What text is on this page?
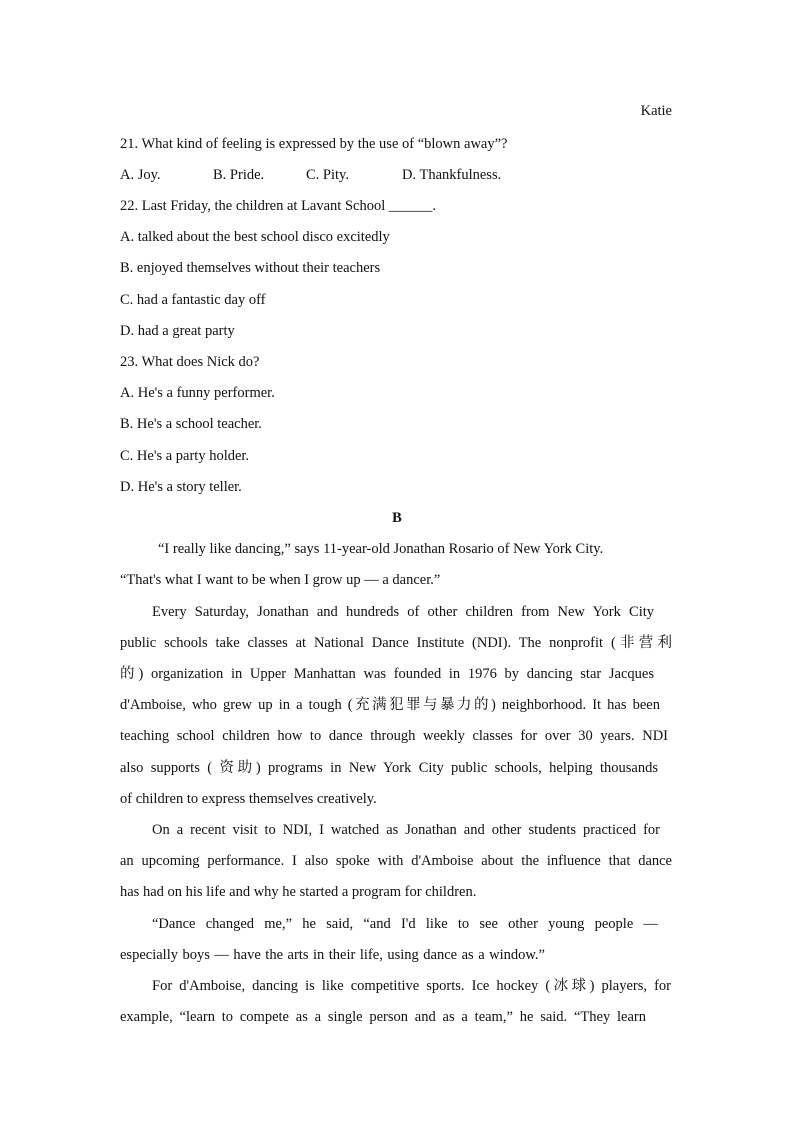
Katie
21. What kind of feeling is expressed by the use of “blown away”?
A. Joy.	B. Pride.	C. Pity.	D. Thankfulness.
22. Last Friday, the children at Lavant School ______.
A. talked about the best school disco excitedly
B. enjoyed themselves without their teachers
C. had a fantastic day off
D. had a great party
23. What does Nick do?
A. He's a funny performer.
B. He's a school teacher.
C. He's a party holder.
D. He's a story teller.
B
“I really like dancing,” says 11-year-old Jonathan Rosario of New York City.
“That's what I want to be when I grow up — a dancer.”
Every Saturday, Jonathan and hundreds of other children from New York City
public schools take classes at National Dance Institute (NDI). The nonprofit (非营利
的) organization in Upper Manhattan was founded in 1976 by dancing star Jacques
d'Amboise, who grew up in a tough (充满犯罪与暴力的) neighborhood. It has been
teaching school children how to dance through weekly classes for over 30 years. NDI
also supports ( 资助) programs in New York City public schools, helping thousands
of children to express themselves creatively.
On a recent visit to NDI, I watched as Jonathan and other students practiced for
an upcoming performance. I also spoke with d'Amboise about the influence that dance
has had on his life and why he started a program for children.
“Dance changed me,” he said, “and I'd like to see other young people —
especially boys — have the arts in their life, using dance as a window.”
For d'Amboise, dancing is like competitive sports. Ice hockey (冰球) players, for
example, “learn to compete as a single person and as a team,” he said. “They learn
